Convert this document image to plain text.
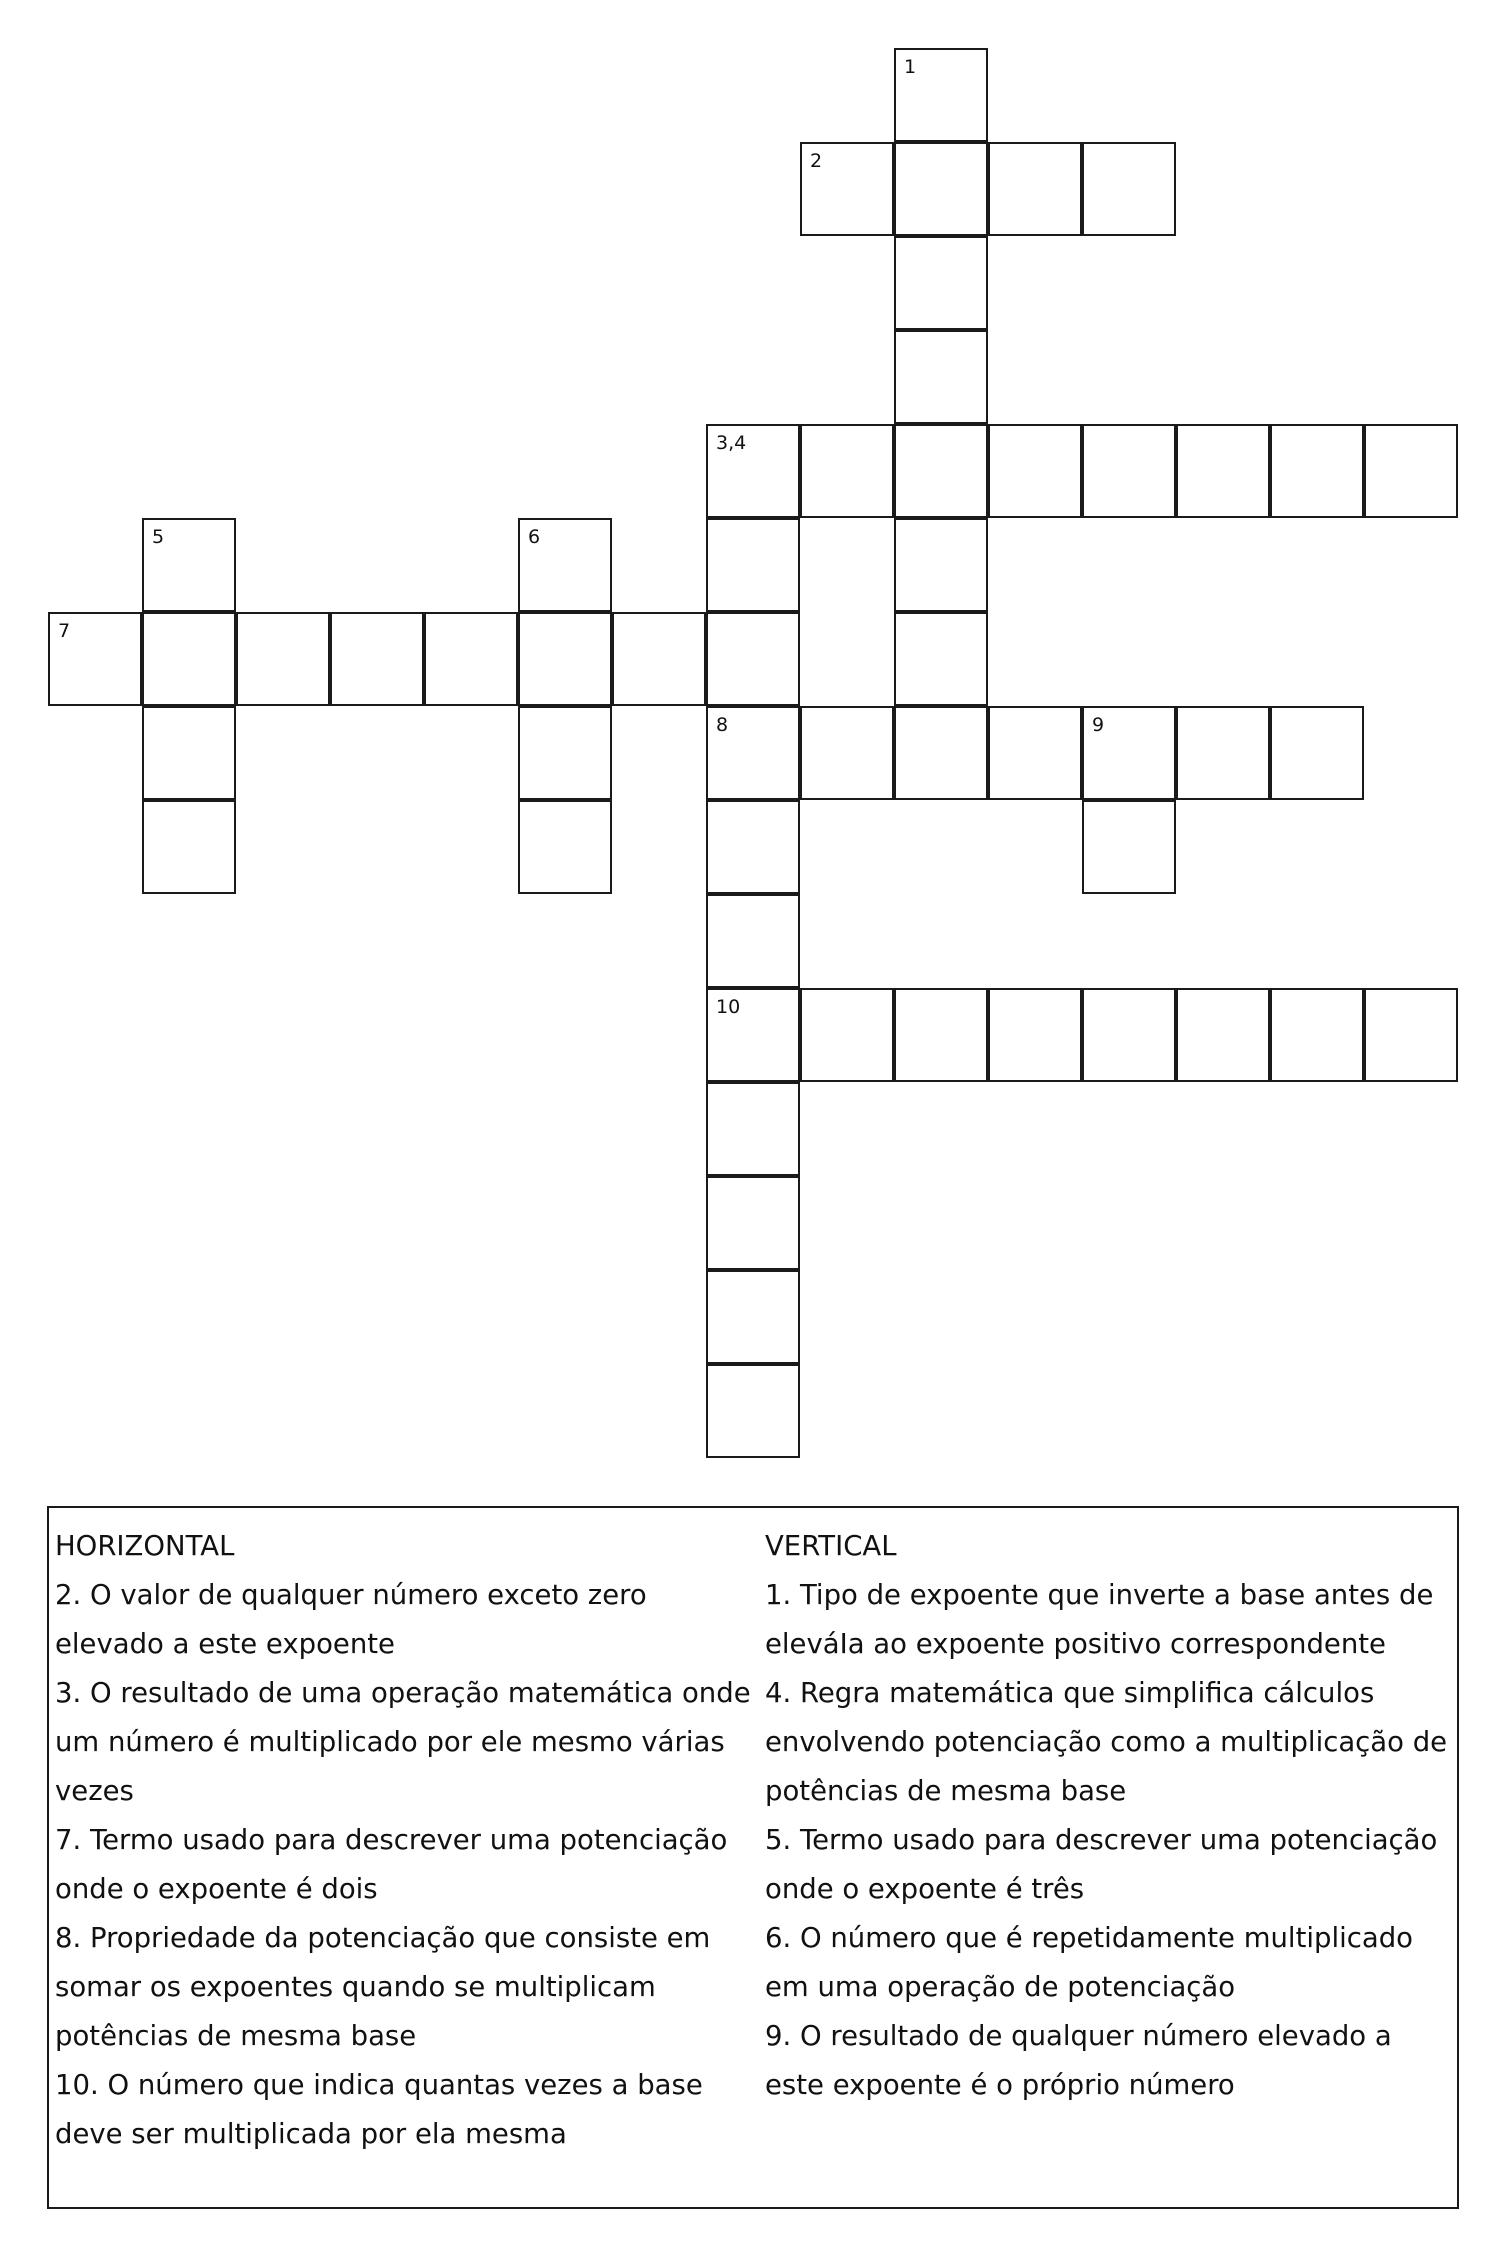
1
2
3,4
5	6
7
8	9
10
HORIZONTAL
2. O valor de qualquer número exceto zero elevado a este expoente
3. O resultado de uma operação matemática onde um número é multiplicado por ele mesmo várias vezes
7. Termo usado para descrever uma potenciação onde o expoente é dois
8. Propriedade da potenciação que consiste em somar os expoentes quando se multiplicam potências de mesma base
10. O número que indica quantas vezes a base deve ser multiplicada por ela mesma
VERTICAL
1. Tipo de expoente que inverte a base antes de eleváIa ao expoente positivo correspondente
4. Regra matemática que simplifica cálculos envolvendo potenciação como a multiplicação de potências de mesma base
5. Termo usado para descrever uma potenciação onde o expoente é três
6. O número que é repetidamente multiplicado em uma operação de potenciação
9. O resultado de qualquer número elevado a este expoente é o próprio número
